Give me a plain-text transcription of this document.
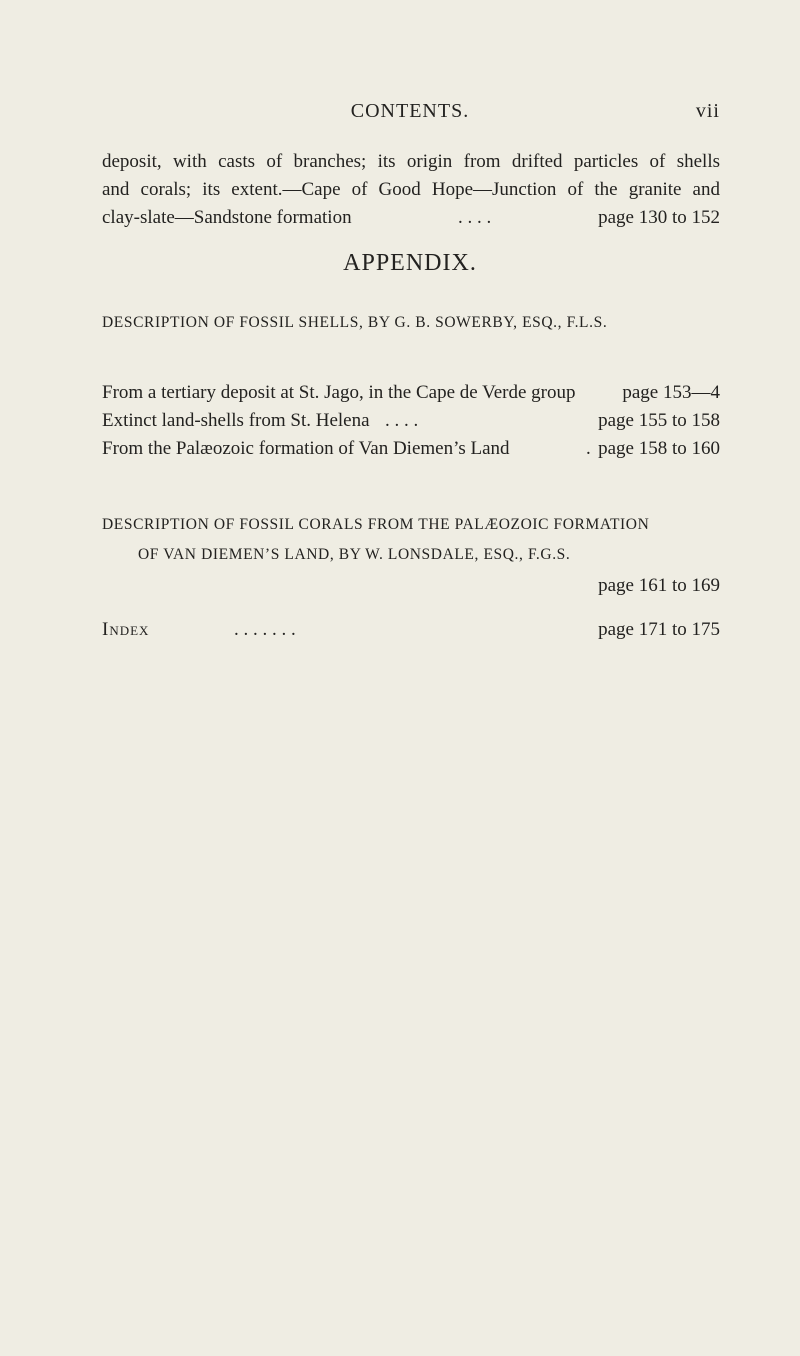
CONTENTS.	vii
deposit, with casts of branches; its origin from drifted particles of shells
and corals; its extent.—Cape of Good Hope—Junction of the granite and
clay-slate—Sandstone formation	. . . .	page 130 to 152
APPENDIX.
DESCRIPTION OF FOSSIL SHELLS, BY G. B. SOWERBY, ESQ., F.L.S.
From a tertiary deposit at St. Jago, in the Cape de Verde group page 153—4
Extinct land-shells from St. Helena . . . .	page 155 to 158
From the Palæozoic formation of Van Diemen’s Land	. page 158 to 160
DESCRIPTION OF FOSSIL CORALS FROM THE PALÆOZOIC FORMATION
OF VAN DIEMEN’S LAND, BY W. LONSDALE, ESQ., F.G.S.
page 161 to 169
Index	. . . . . . .	page 171 to 175
